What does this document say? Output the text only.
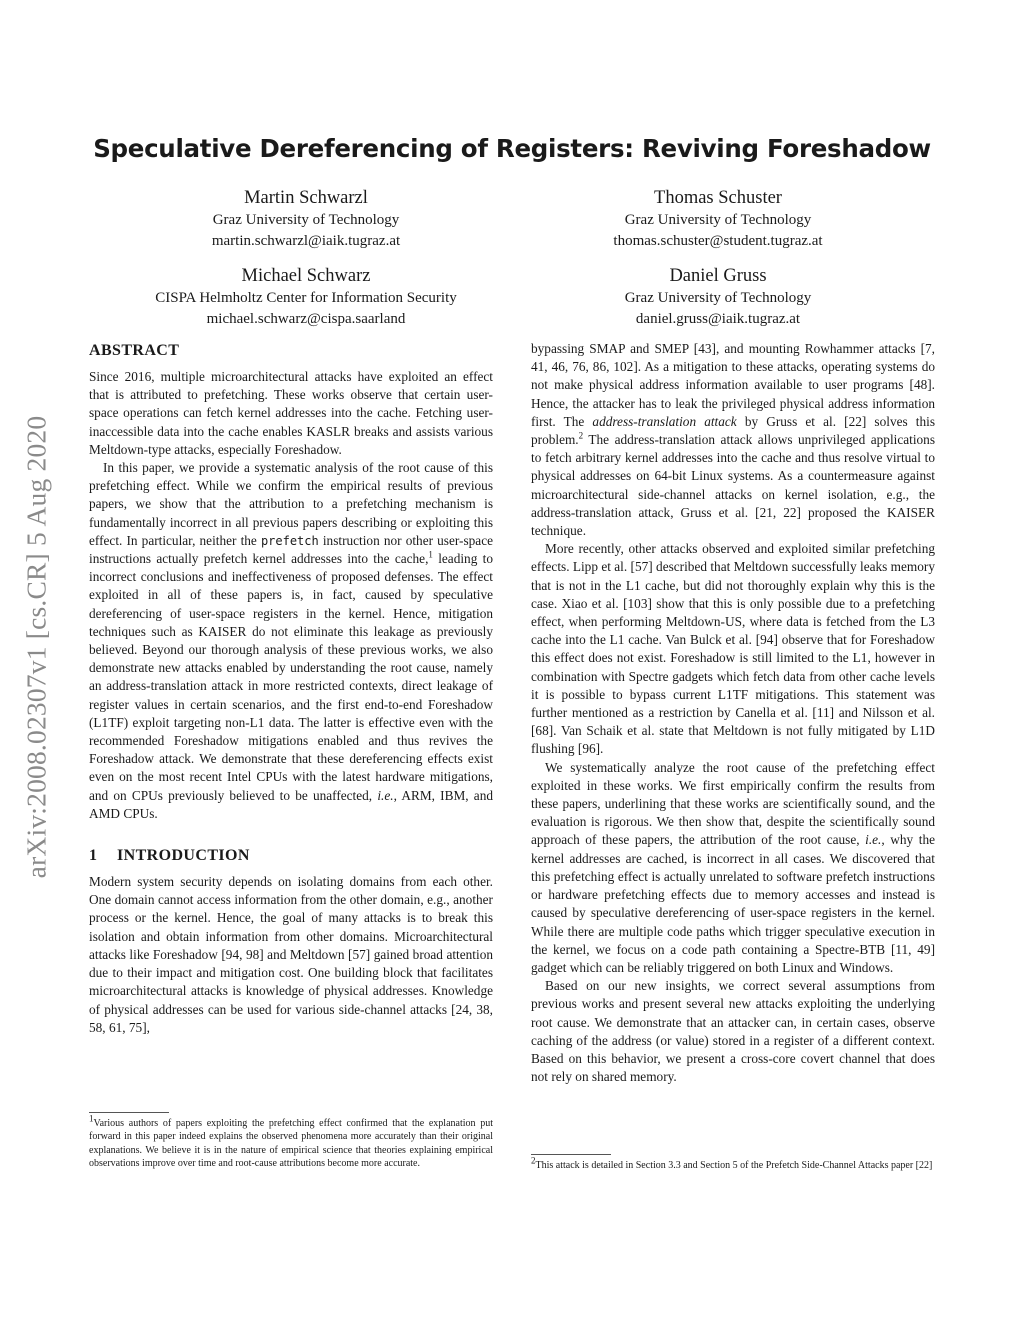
arXiv:2008.02307v1 [cs.CR] 5 Aug 2020
Speculative Dereferencing of Registers: Reviving Foreshadow
Martin Schwarzl
Graz University of Technology
martin.schwarzl@iaik.tugraz.at
Thomas Schuster
Graz University of Technology
thomas.schuster@student.tugraz.at
Michael Schwarz
CISPA Helmholtz Center for Information Security
michael.schwarz@cispa.saarland
Daniel Gruss
Graz University of Technology
daniel.gruss@iaik.tugraz.at
ABSTRACT

Since 2016, multiple microarchitectural attacks have exploited an effect that is attributed to prefetching. These works observe that certain user-space operations can fetch kernel addresses into the cache. Fetching user-inaccessible data into the cache enables KASLR breaks and assists various Meltdown-type attacks, especially Foreshadow.

In this paper, we provide a systematic analysis of the root cause of this prefetching effect. While we confirm the empirical results of previous papers, we show that the attribution to a prefetching mechanism is fundamentally incorrect in all previous papers describing or exploiting this effect. In particular, neither the prefetch instruction nor other user-space instructions actually prefetch kernel addresses into the cache,$^1$ leading to incorrect conclusions and ineffectiveness of proposed defenses. The effect exploited in all of these papers is, in fact, caused by speculative dereferencing of user-space registers in the kernel. Hence, mitigation techniques such as KAISER do not eliminate this leakage as previously believed. Beyond our thorough analysis of these previous works, we also demonstrate new attacks enabled by understanding the root cause, namely an address-translation attack in more restricted contexts, direct leakage of register values in certain scenarios, and the first end-to-end Foreshadow (L1TF) exploit targeting non-L1 data. The latter is effective even with the recommended Foreshadow mitigations enabled and thus revives the Foreshadow attack. We demonstrate that these dereferencing effects exist even on the most recent Intel CPUs with the latest hardware mitigations, and on CPUs previously believed to be unaffected, i.e., ARM, IBM, and AMD CPUs.

1 INTRODUCTION

Modern system security depends on isolating domains from each other. One domain cannot access information from the other domain, e.g., another process or the kernel. Hence, the goal of many attacks is to break this isolation and obtain information from other domains. Microarchitectural attacks like Foreshadow [94, 98] and Meltdown [57] gained broad attention due to their impact and mitigation cost. One building block that facilitates microarchitectural attacks is knowledge of physical addresses. Knowledge of physical addresses can be used for various side-channel attacks [24, 38, 58, 61, 75],

bypassing SMAP and SMEP [43], and mounting Rowhammer attacks [7, 41, 46, 76, 86, 102]. As a mitigation to these attacks, operating systems do not make physical address information available to user programs [48]. Hence, the attacker has to leak the privileged physical address information first. The address-translation attack by Gruss et al. [22] solves this problem.$^2$ The address-translation attack allows unprivileged applications to fetch arbitrary kernel addresses into the cache and thus resolve virtual to physical addresses on 64-bit Linux systems. As a countermeasure against microarchitectural side-channel attacks on kernel isolation, e.g., the address-translation attack, Gruss et al. [21, 22] proposed the KAISER technique.

More recently, other attacks observed and exploited similar prefetching effects. Lipp et al. [57] described that Meltdown successfully leaks memory that is not in the L1 cache, but did not thoroughly explain why this is the case. Xiao et al. [103] show that this is only possible due to a prefetching effect, when performing Meltdown-US, where data is fetched from the L3 cache into the L1 cache. Van Bulck et al. [94] observe that for Foreshadow this effect does not exist. Foreshadow is still limited to the L1, however in combination with Spectre gadgets which fetch data from other cache levels it is possible to bypass current L1TF mitigations. This statement was further mentioned as a restriction by Canella et al. [11] and Nilsson et al. [68]. Van Schaik et al. state that Meltdown is not fully mitigated by L1D flushing [96].

We systematically analyze the root cause of the prefetching effect exploited in these works. We first empirically confirm the results from these papers, underlining that these works are scientifically sound, and the evaluation is rigorous. We then show that, despite the scientifically sound approach of these papers, the attribution of the root cause, i.e., why the kernel addresses are cached, is incorrect in all cases. We discovered that this prefetching effect is actually unrelated to software prefetch instructions or hardware prefetching effects due to memory accesses and instead is caused by speculative dereferencing of user-space registers in the kernel. While there are multiple code paths which trigger speculative execution in the kernel, we focus on a code path containing a Spectre-BTB [11, 49] gadget which can be reliably triggered on both Linux and Windows.

Based on our new insights, we correct several assumptions from previous works and present several new attacks exploiting the underlying root cause. We demonstrate that an attacker can, in certain cases, observe caching of the address (or value) stored in a register of a different context. Based on this behavior, we present a cross-core covert channel that does not rely on shared memory.

$^1$Various authors of papers exploiting the prefetching effect confirmed that the explanation put forward in this paper indeed explains the observed phenomena more accurately than their original explanations. We believe it is in the nature of empirical science that theories explaining empirical observations improve over time and root-cause attributions become more accurate.	$^2$This attack is detailed in Section 3.3 and Section 5 of the Prefetch Side-Channel Attacks paper [22]
